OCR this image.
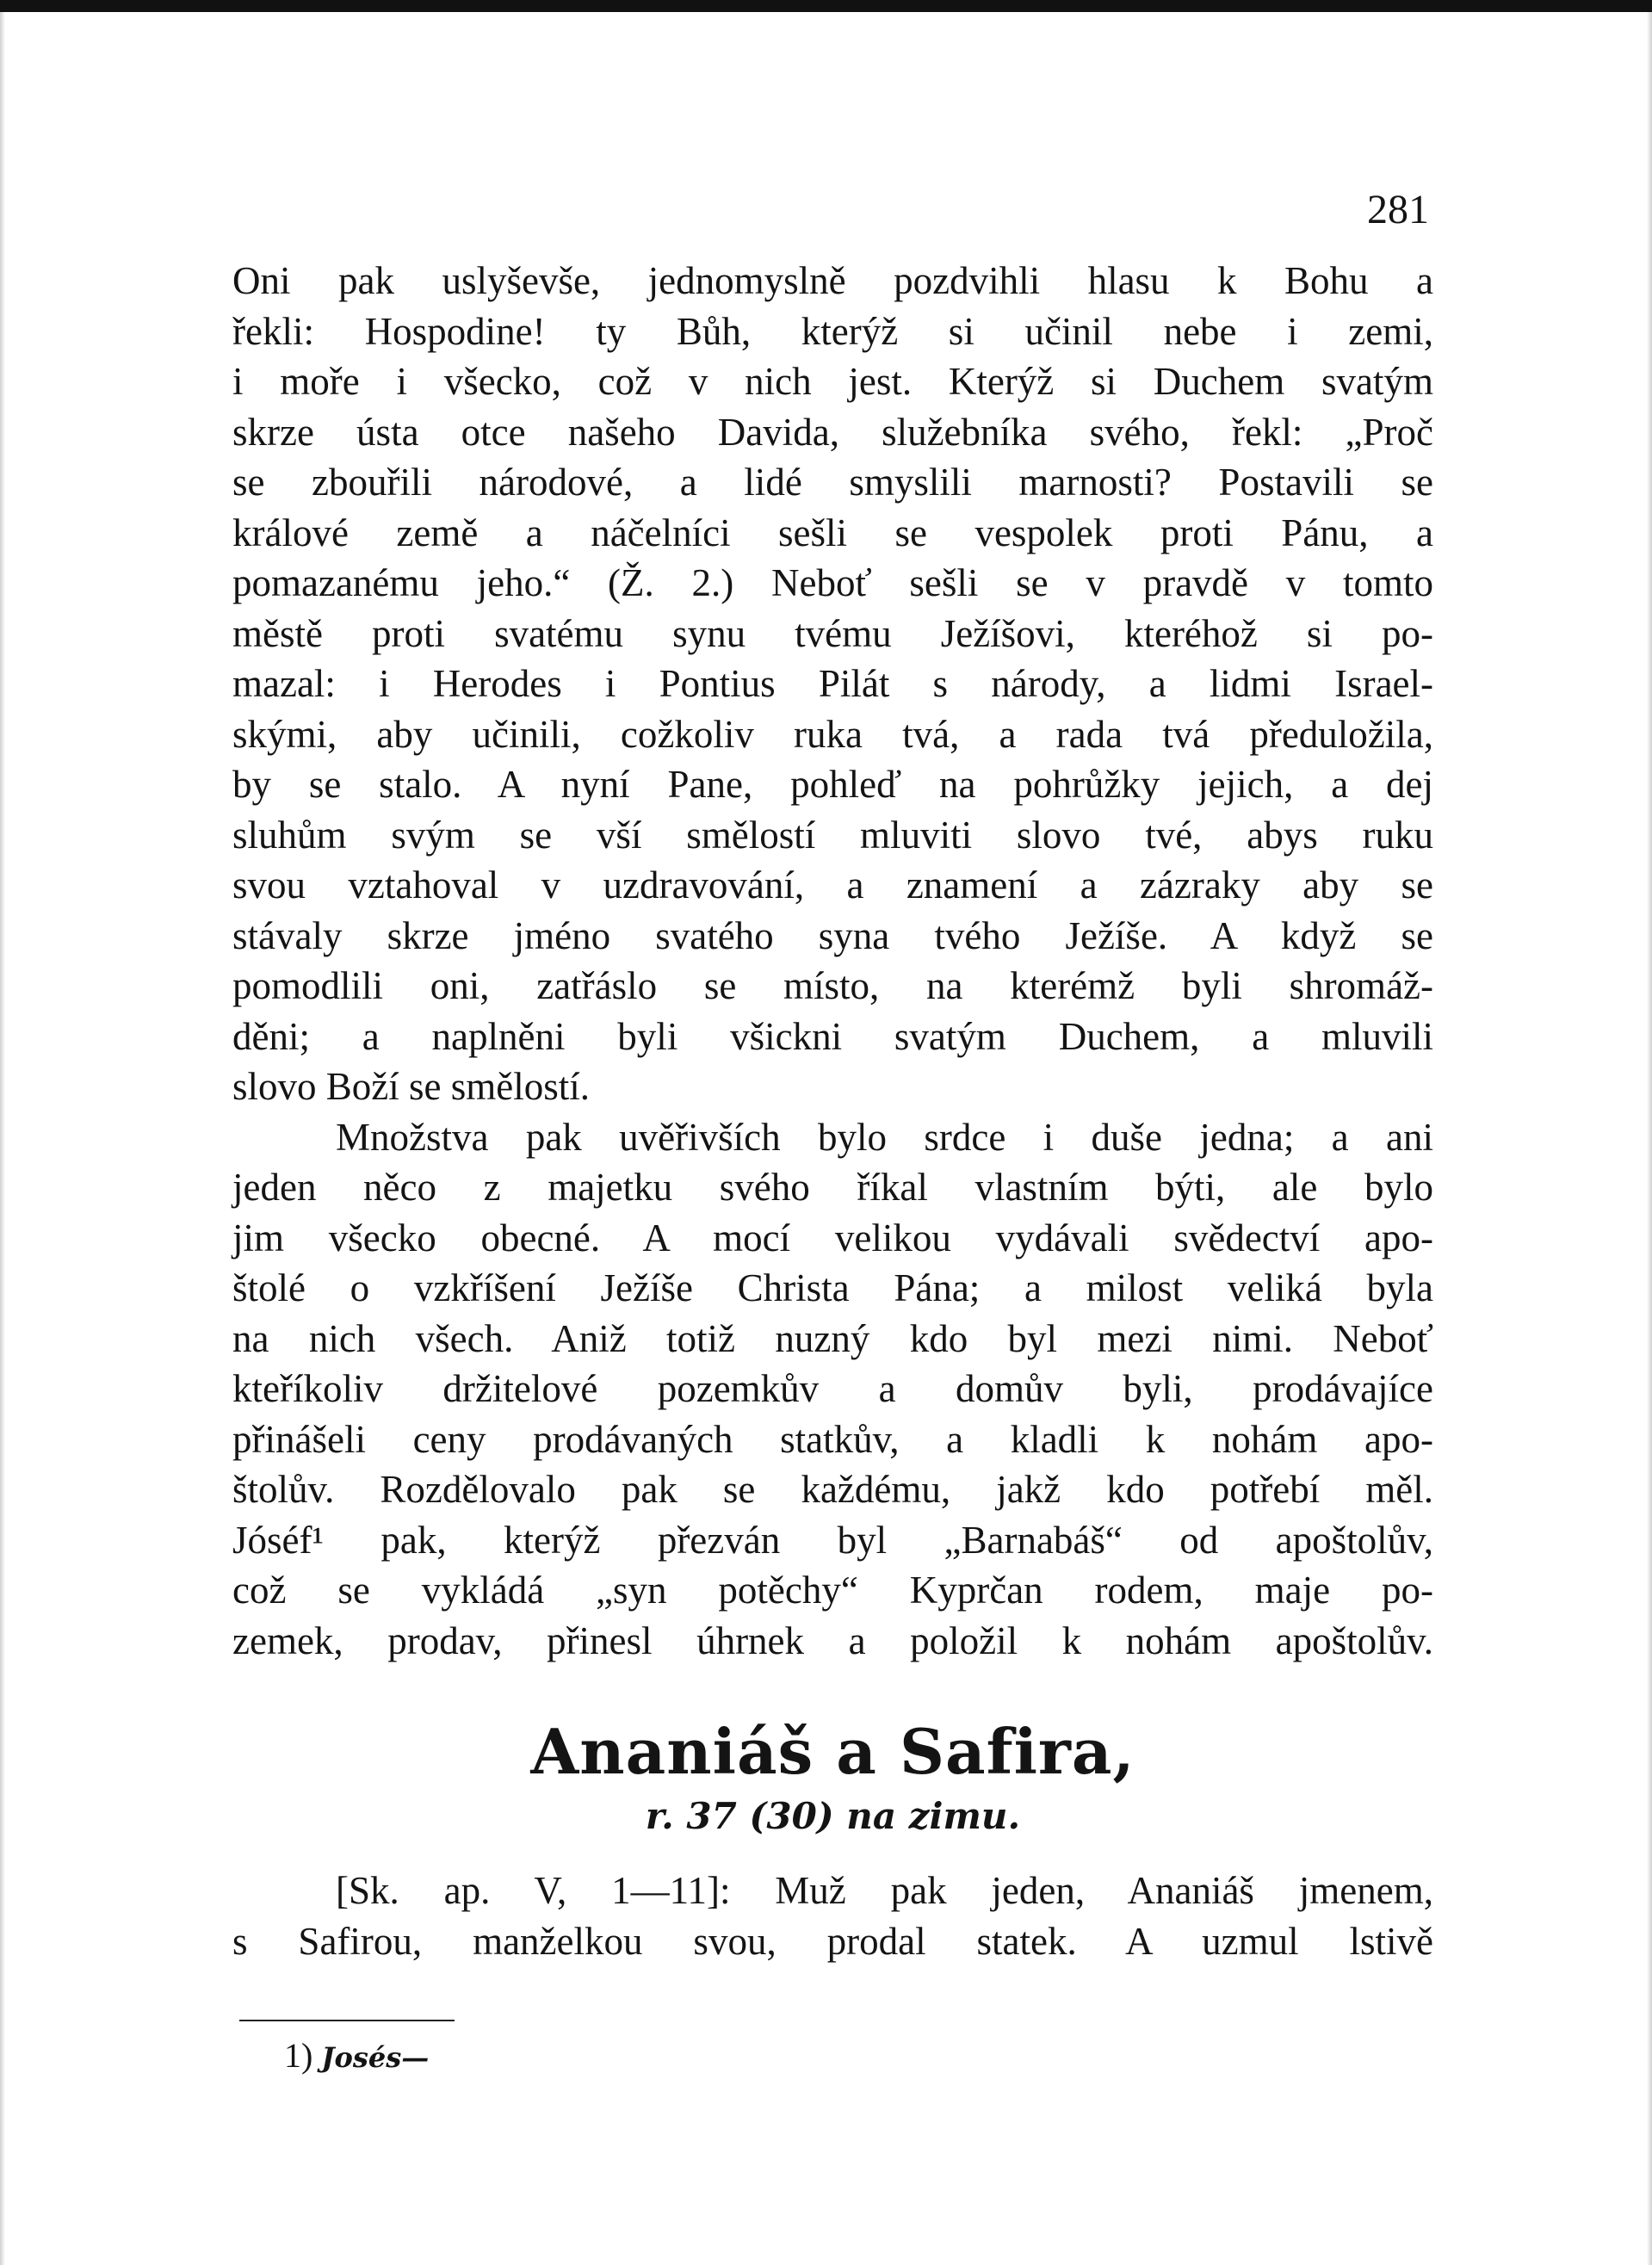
281
Oni pak uslyševše, jednomyslně pozdvihli hlasu k Bohu a
řekli: Hospodine! ty Bůh, kterýž si učinil nebe i zemi,
i moře i všecko, což v nich jest. Kterýž si Duchem svatým
skrze ústa otce našeho Davida, služebníka svého, řekl: „Proč
se zbouřili národové, a lidé smyslili marnosti? Postavili se
králové země a náčelníci sešli se vespolek proti Pánu, a
pomazanému jeho.“ (Ž. 2.) Neboť sešli se v pravdě v tomto
městě proti svatému synu tvému Ježíšovi, kteréhož si po-
mazal: i Herodes i Pontius Pilát s národy, a lidmi Israel-
skými, aby učinili, cožkoliv ruka tvá, a rada tvá předuložila,
by se stalo. A nyní Pane, pohleď na pohrůžky jejich, a dej
sluhům svým se vší smělostí mluviti slovo tvé, abys ruku
svou vztahoval v uzdravování, a znamení a zázraky aby se
stávaly skrze jméno svatého syna tvého Ježíše. A když se
pomodlili oni, zatřáslo se místo, na kterémž byli shromáž-
děni; a naplněni byli všickni svatým Duchem, a mluvili
slovo Boží se smělostí.
Množstva pak uvěřivších bylo srdce i duše jedna; a ani
jeden něco z majetku svého říkal vlastním býti, ale bylo
jim všecko obecné. A mocí velikou vydávali svědectví apo-
štolé o vzkříšení Ježíše Christa Pána; a milost veliká byla
na nich všech. Aniž totiž nuzný kdo byl mezi nimi. Neboť
kteříkoliv držitelové pozemkův a domův byli, prodávajíce
přinášeli ceny prodávaných statkův, a kladli k nohám apo-
štolův. Rozdělovalo pak se každému, jakž kdo potřebí měl.
Jóséf¹ pak, kterýž přezván byl „Barnabáš“ od apoštolův,
což se vykládá „syn potěchy“ Kyprčan rodem, maje po-
zemek, prodav, přinesl úhrnek a položil k nohám apoštolův.
Ananiáš a Safira,
r. 37 (30) na zimu.
[Sk. ap. V, 1—11]: Muž pak jeden, Ananiáš jmenem,
s Safirou, manželkou svou, prodal statek. A uzmul lstivě
1) Josés—
